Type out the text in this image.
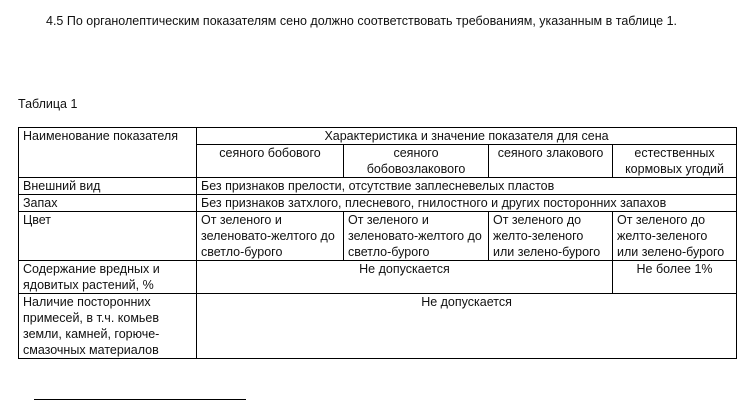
4.5 По органолептическим показателям сено должно соответствовать требованиям, указанным в таблице 1.

Таблица 1

Наименование показателя	Характеристика и значение показателя для сена			
	сеяного бобового	сеяного бобовозлакового	сеяного злакового	естественных кормовых угодий
Внешний вид	Без признаков прелости, отсутствие заплесневелых пластов			
Запах	Без признаков затхлого, плесневого, гнилостного и других посторонних запахов			
Цвет	От зеленого и зеленовато-желтого до светло-бурого	От зеленого и зеленовато-желтого до светло-бурого	От зеленого до желто-зеленого или зелено-бурого	От зеленого до желто-зеленого или зелено-бурого
Содержание вредных и ядовитых растений, %	Не допускается			Не более 1%
Наличие посторонних примесей, в т.ч. комьев земли, камней, горюче-смазочных материалов	Не допускается			
